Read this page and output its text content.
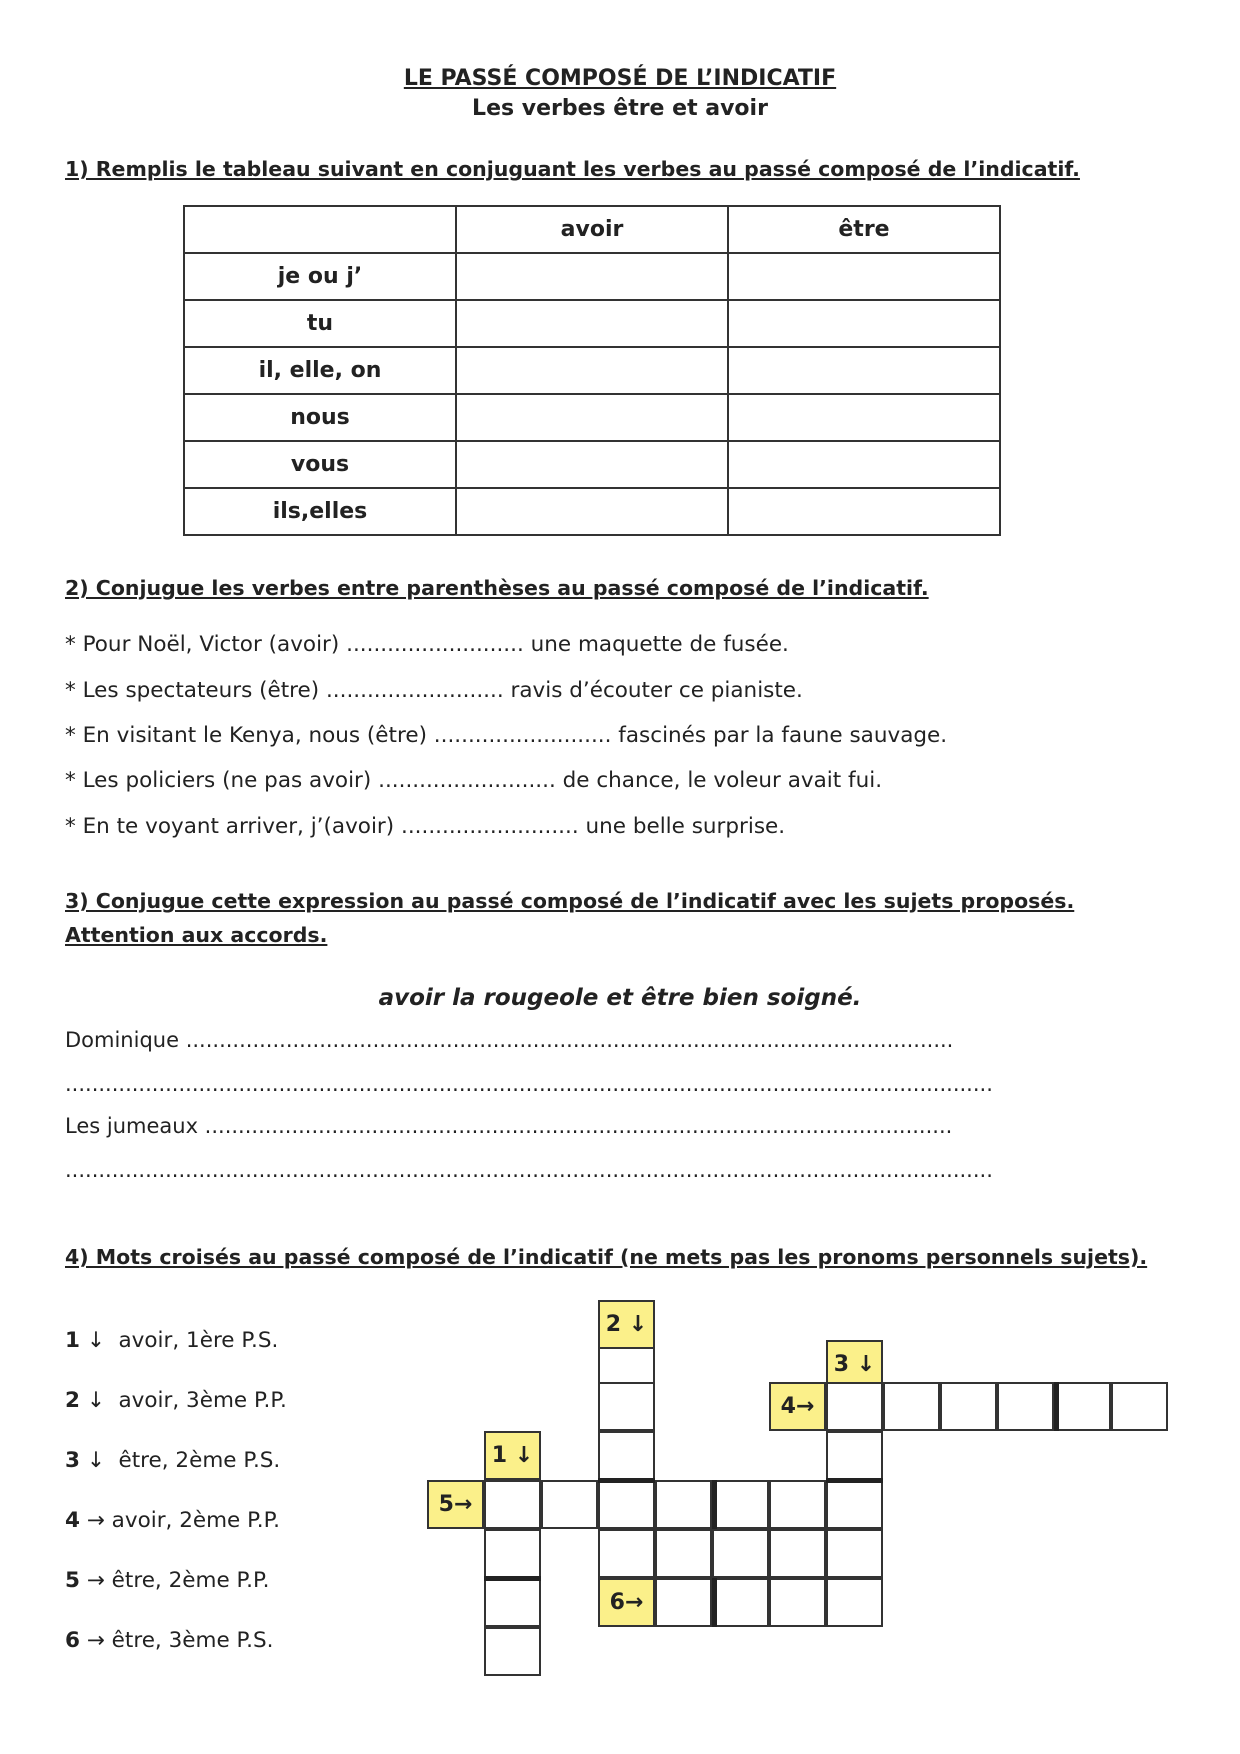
LE PASSÉ COMPOSÉ DE L’INDICATIF
Les verbes être et avoir
1) Remplis le tableau suivant en conjuguant les verbes au passé composé de l’indicatif.
	avoir	être
je ou j’		
tu		
il, elle, on		
nous		
vous		
ils,elles		
2) Conjugue les verbes entre parenthèses au passé composé de l’indicatif.
* Pour Noël, Victor (avoir) .......................... une maquette de fusée.
* Les spectateurs (être) .......................... ravis d’écouter ce pianiste.
* En visitant le Kenya, nous (être) .......................... fascinés par la faune sauvage.
* Les policiers (ne pas avoir) .......................... de chance, le voleur avait fui.
* En te voyant arriver, j’(avoir) .......................... une belle surprise.
3) Conjugue cette expression au passé composé de l’indicatif avec les sujets proposés.
Attention aux accords.
avoir la rougeole et être bien soigné.
Dominique ...................................................................................................................
...........................................................................................................................................
Les jumeaux ................................................................................................................
...........................................................................................................................................
4) Mots croisés au passé composé de l’indicatif (ne mets pas les pronoms personnels sujets).
1 ↓ avoir, 1ère P.S.
2 ↓ avoir, 3ème P.P.
3 ↓ être, 2ème P.S.
4 → avoir, 2ème P.P.
5 → être, 2ème P.P.
6 → être, 3ème P.S.
2 ↓
3 ↓
4→
1 ↓
5→
6→
